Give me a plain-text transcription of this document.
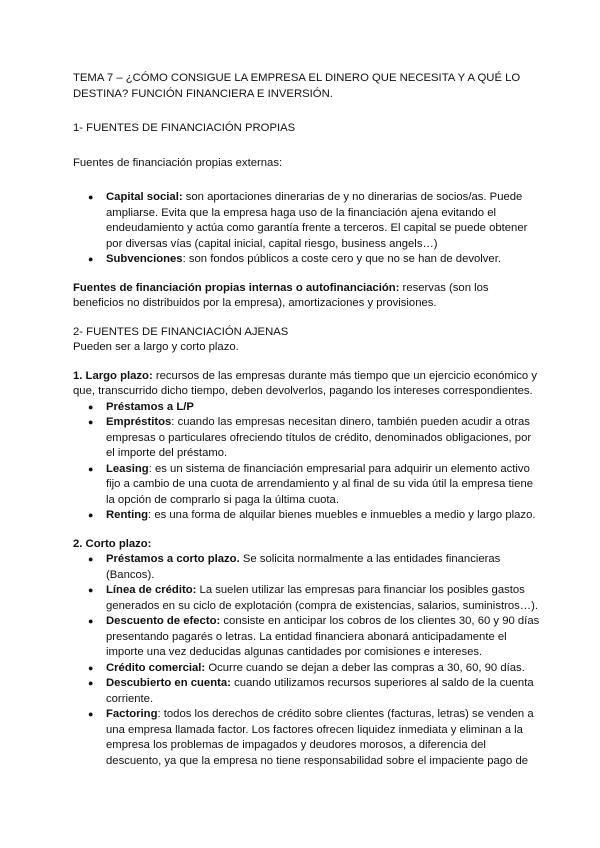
TEMA 7 – ¿CÓMO CONSIGUE LA EMPRESA EL DINERO QUE NECESITA Y A QUÉ LO DESTINA? FUNCIÓN FINANCIERA E INVERSIÓN.

1- FUENTES DE FINANCIACIÓN PROPIAS

Fuentes de financiación propias externas:

● Capital social: son aportaciones dinerarias de y no dinerarias de socios/as. Puede ampliarse. Evita que la empresa haga uso de la financiación ajena evitando el endeudamiento y actúa como garantía frente a terceros. El capital se puede obtener por diversas vías (capital inicial, capital riesgo, business angels…)
● Subvenciones: son fondos públicos a coste cero y que no se han de devolver.

Fuentes de financiación propias internas o autofinanciación: reservas (son los beneficios no distribuidos por la empresa), amortizaciones y provisiones.

2- FUENTES DE FINANCIACIÓN AJENAS

Pueden ser a largo y corto plazo.

1. Largo plazo: recursos de las empresas durante más tiempo que un ejercicio económico y que, transcurrido dicho tiempo, deben devolverlos, pagando los intereses correspondientes.

● Préstamos a L/P
● Empréstitos: cuando las empresas necesitan dinero, también pueden acudir a otras empresas o particulares ofreciendo títulos de crédito, denominados obligaciones, por el importe del préstamo.
● Leasing: es un sistema de financiación empresarial para adquirir un elemento activo fijo a cambio de una cuota de arrendamiento y al final de su vida útil la empresa tiene la opción de comprarlo si paga la última cuota.
● Renting: es una forma de alquilar bienes muebles e inmuebles a medio y largo plazo.

2. Corto plazo:

● Préstamos a corto plazo. Se solicita normalmente a las entidades financieras (Bancos).
● Línea de crédito: La suelen utilizar las empresas para financiar los posibles gastos generados en su ciclo de explotación (compra de existencias, salarios, suministros…).
● Descuento de efecto: consiste en anticipar los cobros de los clientes 30, 60 y 90 días presentando pagarés o letras. La entidad financiera abonará anticipadamente el importe una vez deducidas algunas cantidades por comisiones e intereses.
● Crédito comercial: Ocurre cuando se dejan a deber las compras a 30, 60, 90 días.
● Descubierto en cuenta: cuando utilizamos recursos superiores al saldo de la cuenta corriente.
● Factoring: todos los derechos de crédito sobre clientes (facturas, letras) se venden a una empresa llamada factor. Los factores ofrecen liquidez inmediata y eliminan a la empresa los problemas de impagados y deudores morosos, a diferencia del descuento, ya que la empresa no tiene responsabilidad sobre el impaciente pago de
